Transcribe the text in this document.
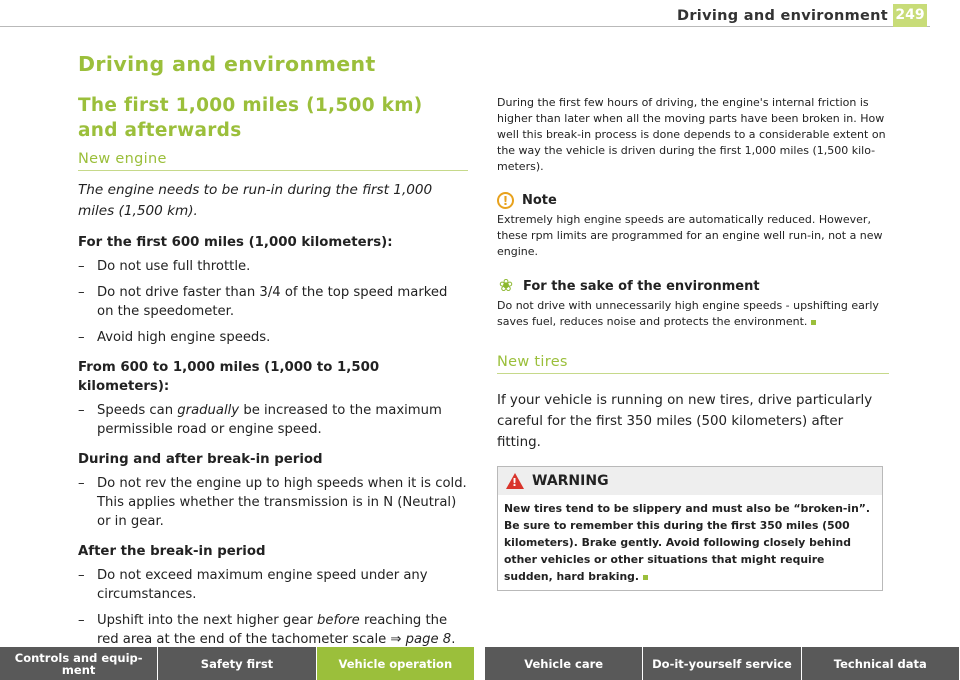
Driving and environment 249
Driving and environment
The first 1,000 miles (1,500 km) and afterwards
New engine

The engine needs to be run-in during the first 1,000 miles (1,500 km).

For the first 600 miles (1,000 kilometers):
– Do not use full throttle.
– Do not drive faster than 3/4 of the top speed marked on the speedometer.
– Avoid high engine speeds.
From 600 to 1,000 miles (1,000 to 1,500 kilometers):
– Speeds can gradually be increased to the maximum permissible road or engine speed.
During and after break-in period
– Do not rev the engine up to high speeds when it is cold. This applies whether the transmission is in N (Neutral) or in gear.
After the break-in period
– Do not exceed maximum engine speed under any circumstances.
– Upshift into the next higher gear before reaching the red area at the end of the tachometer scale ⇒ page 8.

During the first few hours of driving, the engine's internal friction is higher than later when all the moving parts have been broken in. How well this break-in process is done depends to a considerable extent on the way the vehicle is driven during the first 1,000 miles (1,500 kilo-meters).

!	Note

Extremely high engine speeds are automatically reduced. However, these rpm limits are programmed for an engine well run-in, not a new engine.

❀ For the sake of the environment

Do not drive with unnecessarily high engine speeds - upshifting early saves fuel, reduces noise and protects the environment.

New tires

If your vehicle is running on new tires, drive particularly careful for the first 350 miles (500 kilometers) after fitting.

! WARNING
New tires tend to be slippery and must also be “broken-in”. Be sure to remember this during the first 350 miles (500 kilometers). Brake gently. Avoid following closely behind other vehicles or other situations that might require sudden, hard braking.
Controls and equip-ment	Safety first	Vehicle operation	Vehicle care	Do-it-yourself service	Technical data
